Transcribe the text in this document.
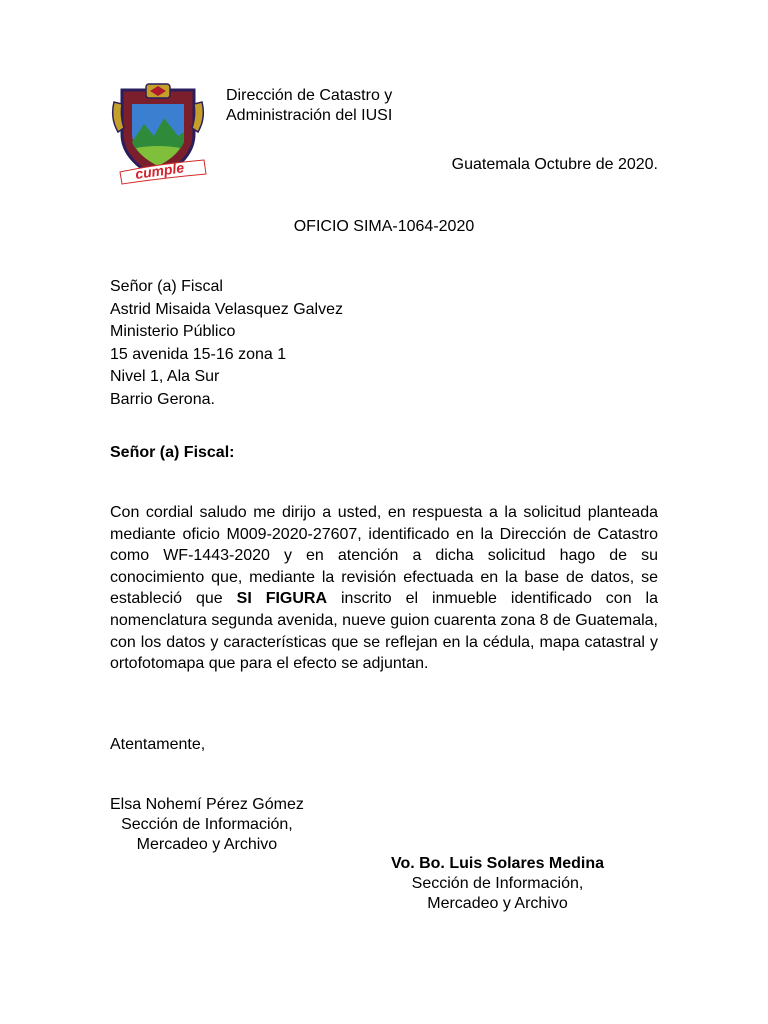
cumple
Dirección de Catastro y
Administración del IUSI
Guatemala Octubre de 2020.
OFICIO SIMA-1064-2020
Señor (a) Fiscal
Astrid Misaida Velasquez Galvez
Ministerio Público
15 avenida 15-16 zona 1
Nivel 1, Ala Sur
Barrio Gerona.
Señor (a) Fiscal:

Con cordial saludo me dirijo a usted, en respuesta a la solicitud planteada mediante oficio M009-2020-27607, identificado en la Dirección de Catastro como WF-1443-2020 y en atención a dicha solicitud hago de su conocimiento que, mediante la revisión efectuada en la base de datos, se estableció que SI FIGURA inscrito el inmueble identificado con la nomenclatura segunda avenida, nueve guion cuarenta zona 8 de Guatemala, con los datos y características que se reflejan en la cédula, mapa catastral y ortofotomapa que para el efecto se adjuntan.

Atentamente,
Elsa Nohemí Pérez Gómez
Sección de Información,
Mercadeo y Archivo
Vo. Bo. Luis Solares Medina
Sección de Información,
Mercadeo y Archivo
